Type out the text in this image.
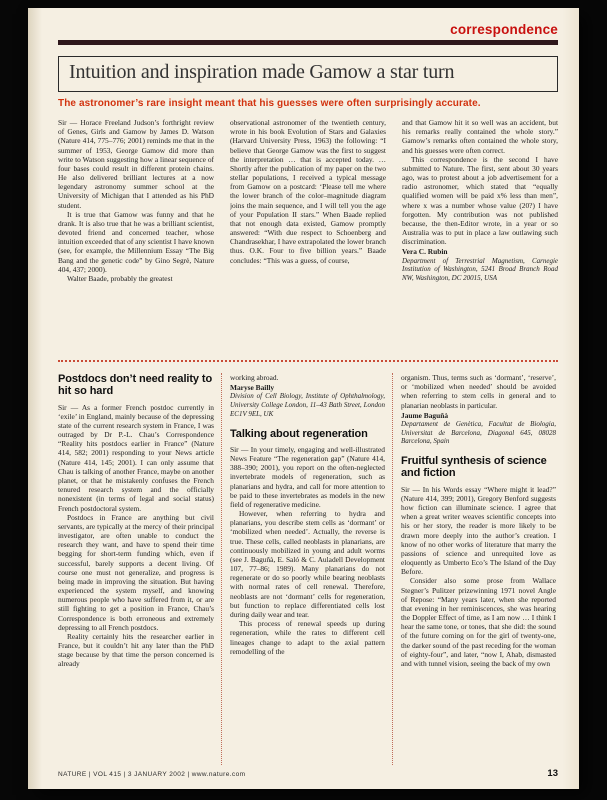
correspondence
Intuition and inspiration made Gamow a star turn
The astronomer’s rare insight meant that his guesses were often surprisingly accurate.

Sir — Horace Freeland Judson’s forthright review of Genes, Girls and Gamow by James D. Watson (Nature 414, 775–776; 2001) reminds me that in the summer of 1953, George Gamow did more than write to Watson suggesting how a linear sequence of four bases could result in different protein chains. He also delivered brilliant lectures at a now legendary astronomy summer school at the University of Michigan that I attended as his PhD student.

It is true that Gamow was funny and that he drank. It is also true that he was a brilliant scientist, devoted friend and concerned teacher, whose intuition exceeded that of any scientist I have known (see, for example, the Millennium Essay “The Big Bang and the genetic code” by Gino Segrè, Nature 404, 437; 2000).

Walter Baade, probably the greatest

observational astronomer of the twentieth century, wrote in his book Evolution of Stars and Galaxies (Harvard University Press, 1963) the following: “I believe that George Gamow was the first to suggest the interpretation … that is accepted today. … Shortly after the publication of my paper on the two stellar populations, I received a typical message from Gamow on a postcard: ‘Please tell me where the lower branch of the color–magnitude diagram joins the main sequence, and I will tell you the age of your Population II stars.” When Baade replied that not enough data existed, Gamow promptly answered: “With due respect to Schoenberg and Chandrasekhar, I have extrapolated the lower branch thus. O.K. Four to five billion years.” Baade concludes: “This was a guess, of course,

and that Gamow hit it so well was an accident, but his remarks really contained the whole story.” Gamow’s remarks often contained the whole story, and his guesses were often correct.

This correspondence is the second I have submitted to Nature. The first, sent about 30 years ago, was to protest about a job advertisement for a radio astronomer, which stated that “equally qualified women will be paid x% less than men”, where x was a number whose value (20?) I have forgotten. My contribution was not published because, the then-Editor wrote, in a year or so Australia was to put in place a law outlawing such discrimination.

Vera C. Rubin
Department of Terrestrial Magnetism, Carnegie Institution of Washington, 5241 Broad Branch Road NW, Washington, DC 20015, USA
Postdocs don’t need reality to hit so hard

Sir — As a former French postdoc currently in ‘exile’ in England, mainly because of the depressing state of the current research system in France, I was outraged by Dr P.-L. Chau’s Correspondence “Reality hits postdocs earlier in France” (Nature 414, 582; 2001) responding to your News article (Nature 414, 145; 2001). I can only assume that Chau is talking of another France, maybe on another planet, or that he mistakenly confuses the French tenured research system and the officially nonexistent (in terms of legal and social status) French postdoctoral system.

Postdocs in France are anything but civil servants, are typically at the mercy of their principal investigator, are often unable to conduct the research they want, and have to spend their time begging for short-term funding which, even if successful, barely supports a decent living. Of course one must not generalize, and progress is being made in improving the situation. But having experienced the system myself, and knowing numerous people who have suffered from it, or are still fighting to get a position in France, Chau’s Correspondence is both erroneous and extremely depressing to all French postdocs.

Reality certainly hits the researcher earlier in France, but it couldn’t hit any later than the PhD stage because by that time the person concerned is already

working abroad.

Maryse Bailly
Division of Cell Biology, Institute of Ophthalmology, University College London, 11–43 Bath Street, London EC1V 9EL, UK
Talking about regeneration

Sir — In your timely, engaging and well-illustrated News Feature “The regeneration gap” (Nature 414, 388–390; 2001), you report on the often-neglected invertebrate models of regeneration, such as planarians and hydra, and call for more attention to be paid to these invertebrates as models in the new field of regenerative medicine.

However, when referring to hydra and planarians, you describe stem cells as ‘dormant’ or ‘mobilized when needed’. Actually, the reverse is true. These cells, called neoblasts in planarians, are continuously mobilized in young and adult worms (see J. Baguñà, E. Saló & C. Auladell Development 107, 77–86; 1989). Many planarians do not regenerate or do so poorly while bearing neoblasts with normal rates of cell renewal. Therefore, neoblasts are not ‘dormant’ cells for regeneration, but function to replace differentiated cells lost during daily wear and tear.

This process of renewal speeds up during regeneration, while the rates to different cell lineages change to adapt to the axial pattern remodelling of the

organism. Thus, terms such as ‘dormant’, ‘reserve’, or ‘mobilized when needed’ should be avoided when referring to stem cells in general and to planarian neoblasts in particular.

Jaume Baguñà
Departament de Genètica, Facultat de Biologia, Universitat de Barcelona, Diagonal 645, 08028 Barcelona, Spain
Fruitful synthesis of science and fiction

Sir — In his Words essay “Where might it lead?” (Nature 414, 399; 2001), Gregory Benford suggests how fiction can illuminate science. I agree that when a great writer weaves scientific concepts into his or her story, the reader is more likely to be drawn more deeply into the author’s creation. I know of no other works of literature that marry the passions of science and unrequited love as eloquently as Umberto Eco’s The Island of the Day Before.

Consider also some prose from Wallace Stegner’s Pulitzer prizewinning 1971 novel Angle of Repose: “Many years later, when she reported that evening in her reminiscences, she was hearing the Doppler Effect of time, as I am now … I think I hear the same tone, or tones, that she did: the sound of the future coming on for the girl of twenty-one, the darker sound of the past receding for the woman of eighty-four”, and later, “now I, Ahab, dismasted and with tunnel vision, seeing the back of my own

NATURE | VOL 415 | 3 JANUARY 2002 | www.nature.com	13
